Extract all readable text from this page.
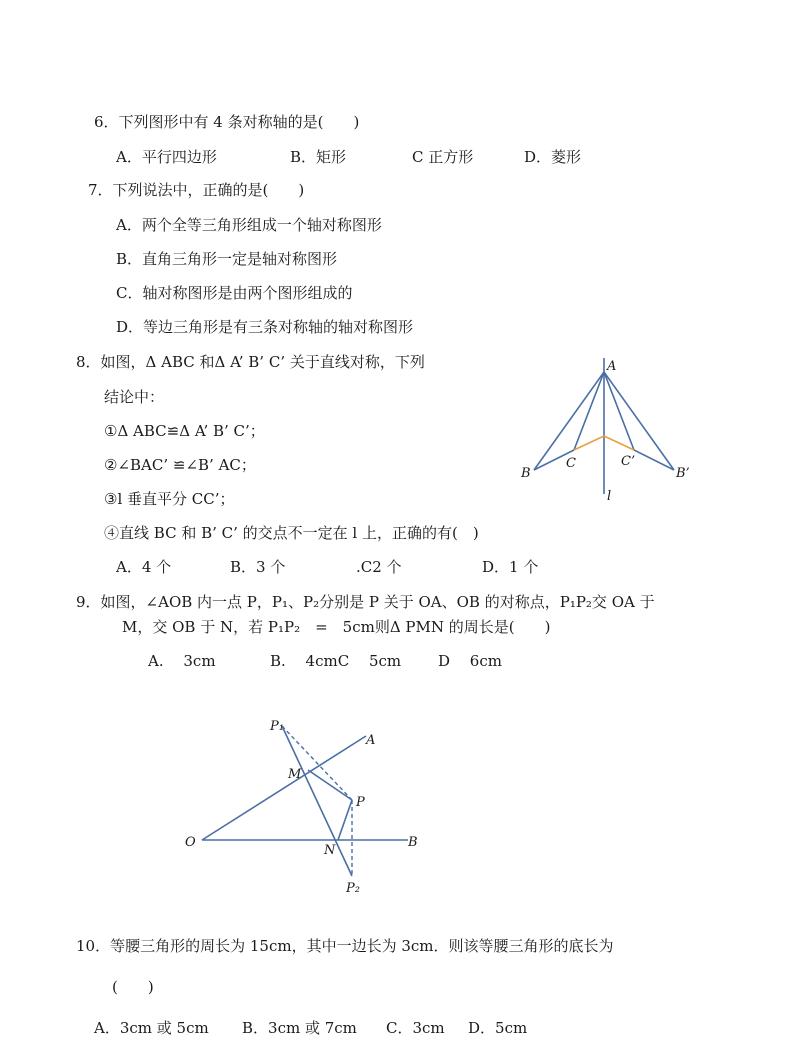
6．下列图形中有 4 条对称轴的是(　　)
A．平行四边形	B．矩形	C 正方形	D．菱形
7．下列说法中，正确的是(　　)
A．两个全等三角形组成一个轴对称图形
B．直角三角形一定是轴对称图形
C．轴对称图形是由两个图形组成的
D．等边三角形是有三条对称轴的轴对称图形
8．如图，Δ ABC 和Δ A’ B’ C’ 关于直线对称，下列
结论中：
①Δ ABC≌Δ A’ B’ C’；
②∠BAC’ ≌∠B’ AC；
③l 垂直平分 CC’；
④直线 BC 和 B’ C’ 的交点不一定在 l 上，正确的有(　)
A．4 个	B．3 个	.C2 个	D．1 个
A
B
C	C’
B’
l
9．如图，∠AOB 内一点 P，P₁、P₂分别是 P 关于 OA、OB 的对称点，P₁P₂交 OA 于
M，交 OB 于 N，若 P₁P₂　=　5cm则Δ PMN 的周长是(　　)
A.　 3cm	B.　 4cmC　 5cm D　 6cm
P₁
A
M
P
O
N
B
P₂
10．等腰三角形的周长为 15cm，其中一边长为 3cm．则该等腰三角形的底长为
(　　)
A．3cm 或 5cm B．3cm 或 7cm C．3cm D．5cm
